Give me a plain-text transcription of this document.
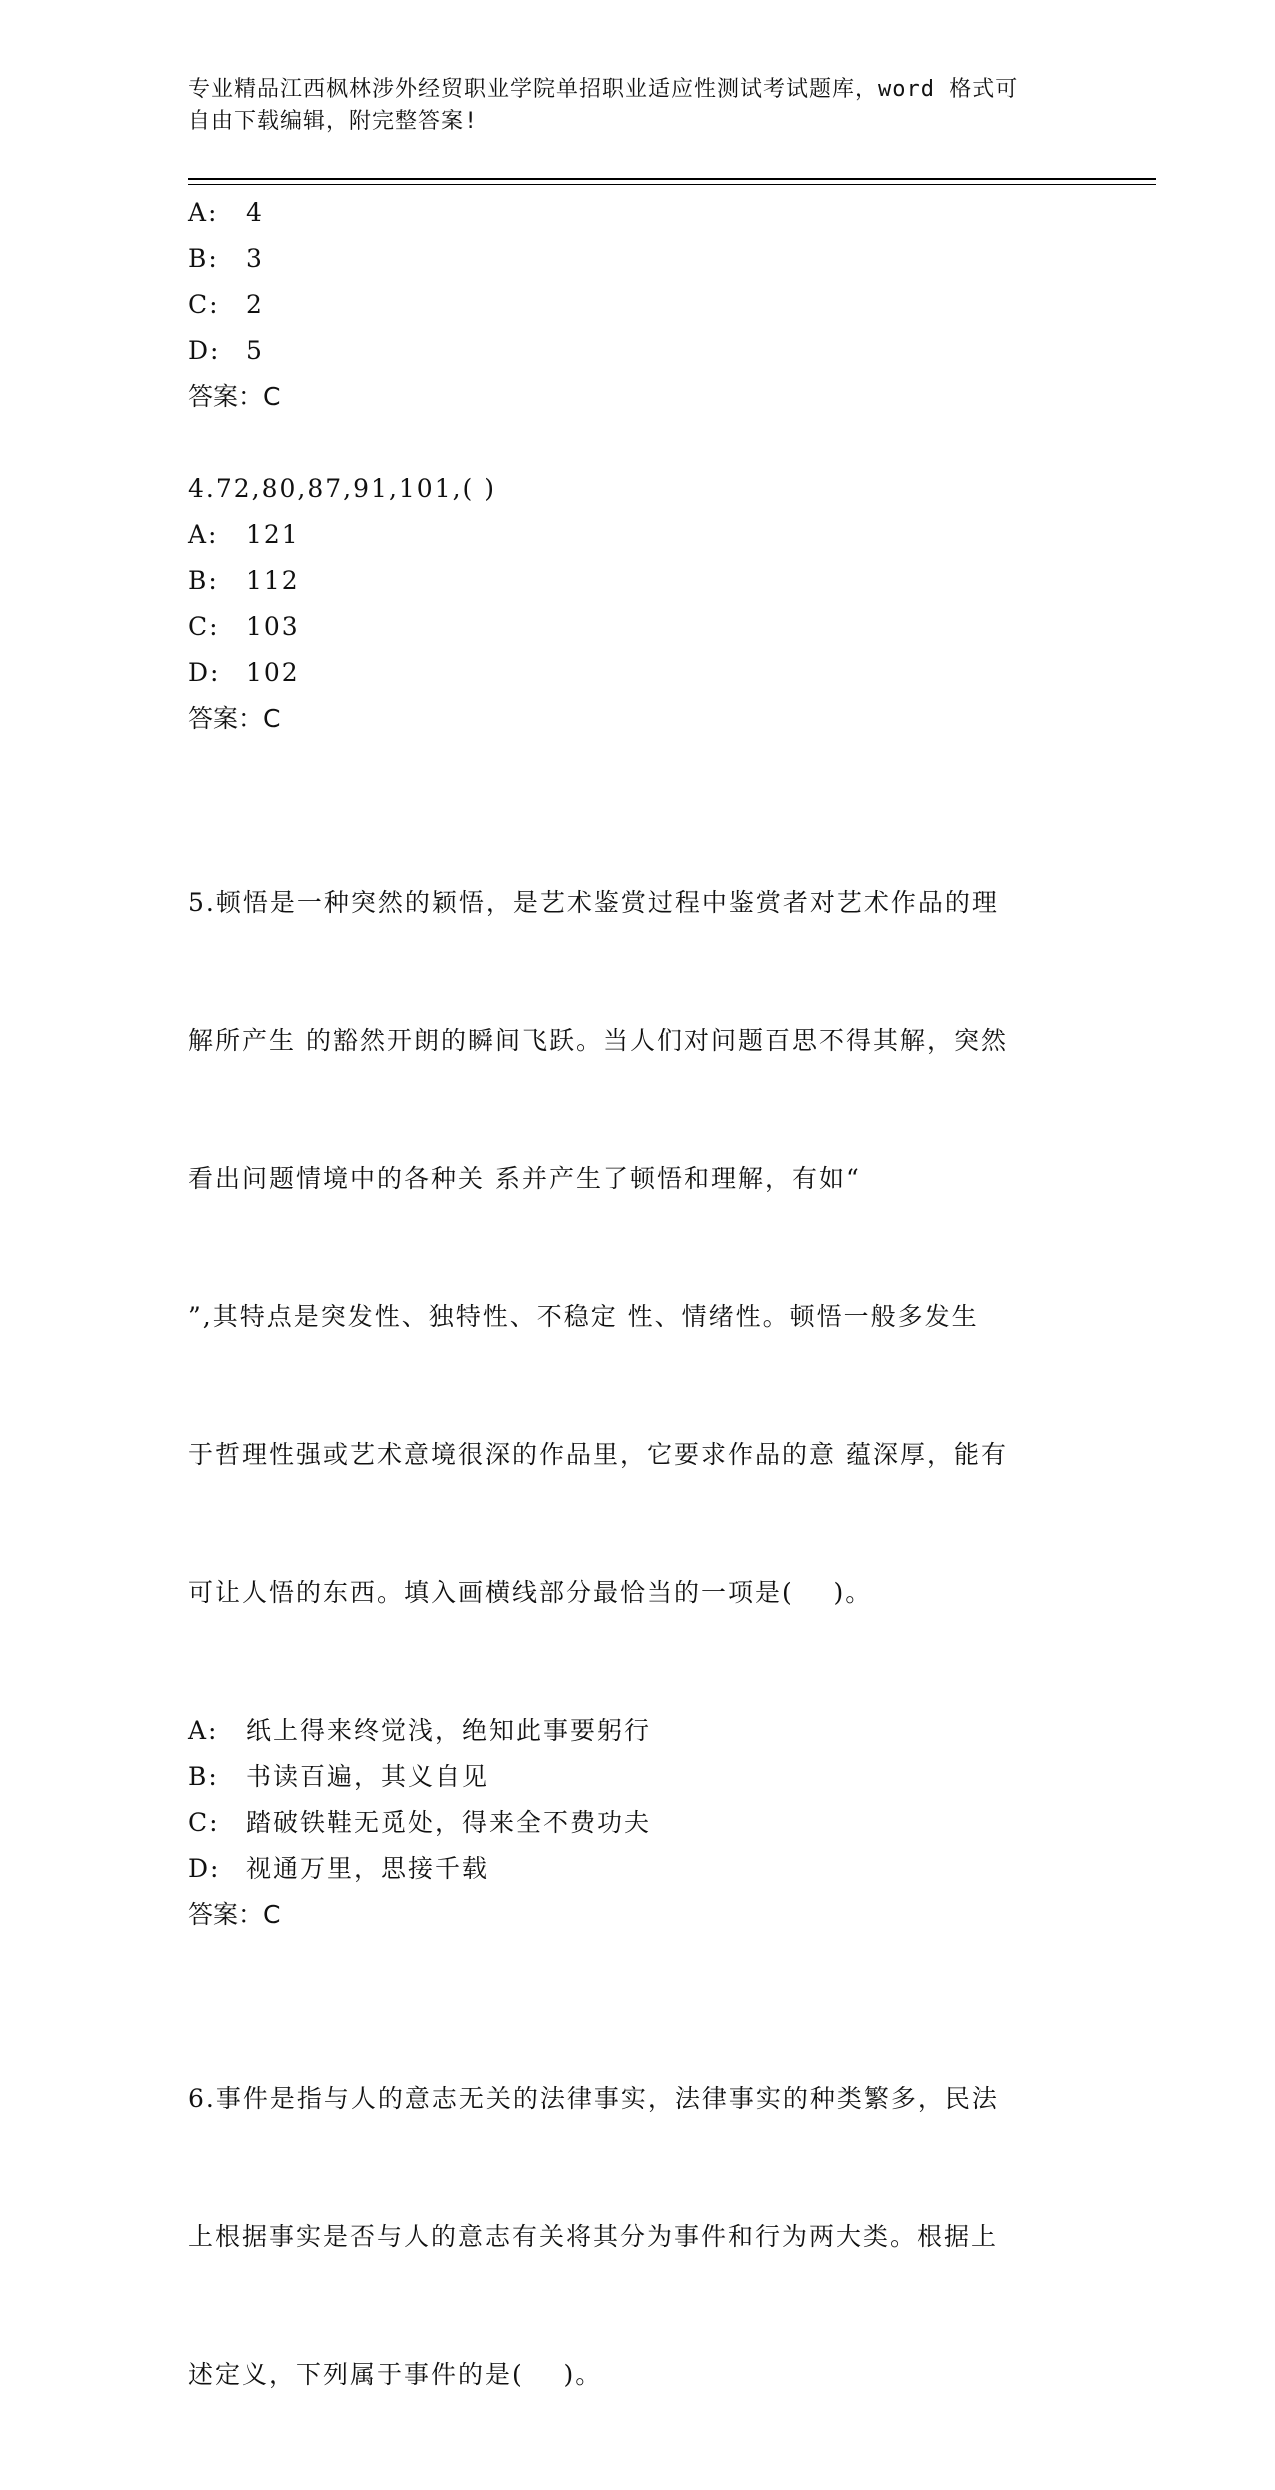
专业精品江西枫林涉外经贸职业学院单招职业适应性测试考试题库，word 格式可
自由下载编辑，附完整答案!
A: 4
B: 3
C: 2
D: 5
答案：C
4.72,80,87,91,101,( )
A: 121
B: 112
C: 103
D: 102
答案：C

5.顿悟是一种突然的颖悟，是艺术鉴赏过程中鉴赏者对艺术作品的理

解所产生 的豁然开朗的瞬间飞跃。当人们对问题百思不得其解，突然

看出问题情境中的各种关 系并产生了顿悟和理解，有如“

”,其特点是突发性、独特性、不稳定 性、情绪性。顿悟一般多发生

于哲理性强或艺术意境很深的作品里，它要求作品的意 蕴深厚，能有

可让人悟的东西。填入画横线部分最恰当的一项是(    )。

A: 纸上得来终觉浅，绝知此事要躬行
B: 书读百遍，其义自见
C: 踏破铁鞋无觅处，得来全不费功夫
D: 视通万里，思接千载
答案：C

6.事件是指与人的意志无关的法律事实，法律事实的种类繁多，民法

上根据事实是否与人的意志有关将其分为事件和行为两大类。根据上

述定义，下列属于事件的是(    )。
